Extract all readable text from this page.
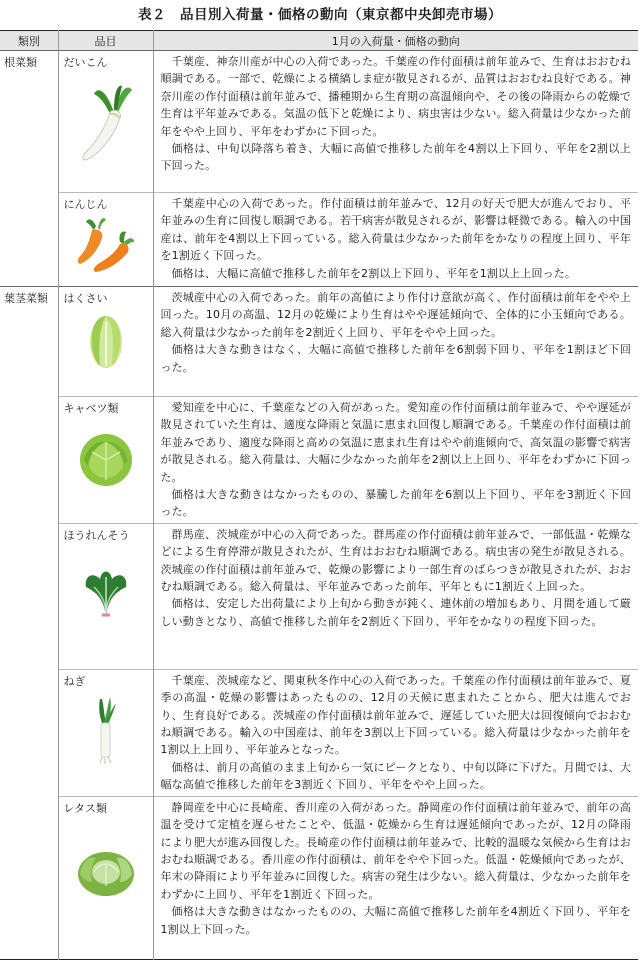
表２　品目別入荷量・価格の動向（東京都中央卸売市場）
類別	品目	1月の入荷量・価格の動向
根菜類	だいこん	千葉産、神奈川産が中心の入荷であった。千葉産の作付面積は前年並みで、生育はおおむね順調である。一部で、乾燥による横縞しま症が散見されるが、品質はおおむね良好である。神奈川産の作付面積は前年並みで、播種期から生育期の高温傾向や、その後の降雨からの乾燥で生育は平年並みである。気温の低下と乾燥により、病虫害は少ない。総入荷量は少なかった前年をやや上回り、平年をわずかに下回った。

価格は、中旬以降落ち着き、大幅に高値で推移した前年を4割以上下回り、平年を2割以上下回った。

	にんじん	千葉産中心の入荷であった。作付面積は前年並みで、12月の好天で肥大が進んでおり、平年並みの生育に回復し順調である。若干病害が散見されるが、影響は軽微である。輸入の中国産は、前年を4割以上下回っている。総入荷量は少なかった前年をかなりの程度上回り、平年を1割近く下回った。

価格は、大幅に高値で推移した前年を2割以上下回り、平年を1割以上上回った。

葉茎菜類	はくさい	茨城産中心の入荷であった。前年の高値により作付け意欲が高く、作付面積は前年をやや上回った。10月の高温、12月の乾燥により生育はやや遅延傾向で、全体的に小玉傾向である。総入荷量は少なかった前年を2割近く上回り、平年をやや上回った。

価格は大きな動きはなく、大幅に高値で推移した前年を6割弱下回り、平年を1割ほど下回った。

	キャベツ類	愛知産を中心に、千葉産などの入荷があった。愛知産の作付面積は前年並みで、やや遅延が散見されていた生育は、適度な降雨と気温に恵まれ回復し順調である。千葉産の作付面積は前年並みであり、適度な降雨と高めの気温に恵まれ生育はやや前進傾向で、高気温の影響で病害が散見される。総入荷量は、大幅に少なかった前年を2割以上上回り、平年をわずかに下回った。

価格は大きな動きはなかったものの、暴騰した前年を6割以上下回り、平年を3割近く下回った。

	ほうれんそう	群馬産、茨城産が中心の入荷であった。群馬産の作付面積は前年並みで、一部低温・乾燥などによる生育停滞が散見されたが、生育はおおむね順調である。病虫害の発生が散見される。茨城産の作付面積は前年並みで、乾燥の影響により一部生育のばらつきが散見されたが、おおむね順調である。総入荷量は、平年並みであった前年、平年ともに1割近く上回った。

価格は、安定した出荷量により上旬から動きが鈍く、連休前の増加もあり、月間を通して厳しい動きとなり、高値で推移した前年を2割近く下回り、平年をかなりの程度下回った。

	ねぎ	千葉産、茨城産など、関東秋冬作中心の入荷であった。千葉産の作付面積は前年並みで、夏季の高温・乾燥の影響はあったものの、12月の天候に恵まれたことから、肥大は進んでおり、生育良好である。茨城産の作付面積は前年並みで、遅延していた肥大は回復傾向でおおむね順調である。輸入の中国産は、前年を3割以上下回っている。総入荷量は少なかった前年を1割以上上回り、平年並みとなった。

価格は、前月の高値のまま上旬から一気にピークとなり、中旬以降に下げた。月間では、大幅な高値で推移した前年を3割近く下回り、平年をやや上回った。

	レタス類	静岡産を中心に長崎産、香川産の入荷があった。静岡産の作付面積は前年並みで、前年の高温を受けて定植を遅らせたことや、低温・乾燥から生育は遅延傾向であったが、12月の降雨により肥大が進み回復した。長崎産の作付面積は前年並みで、比較的温暖な気候から生育はおおむね順調である。香川産の作付面積は、前年をやや下回った。低温・乾燥傾向であったが、年末の降雨により平年並みに回復した。病害の発生は少ない。総入荷量は、少なかった前年をわずかに上回り、平年を1割近く下回った。

価格は大きな動きはなかったものの、大幅に高値で推移した前年を4割近く下回り、平年を1割以上下回った。
